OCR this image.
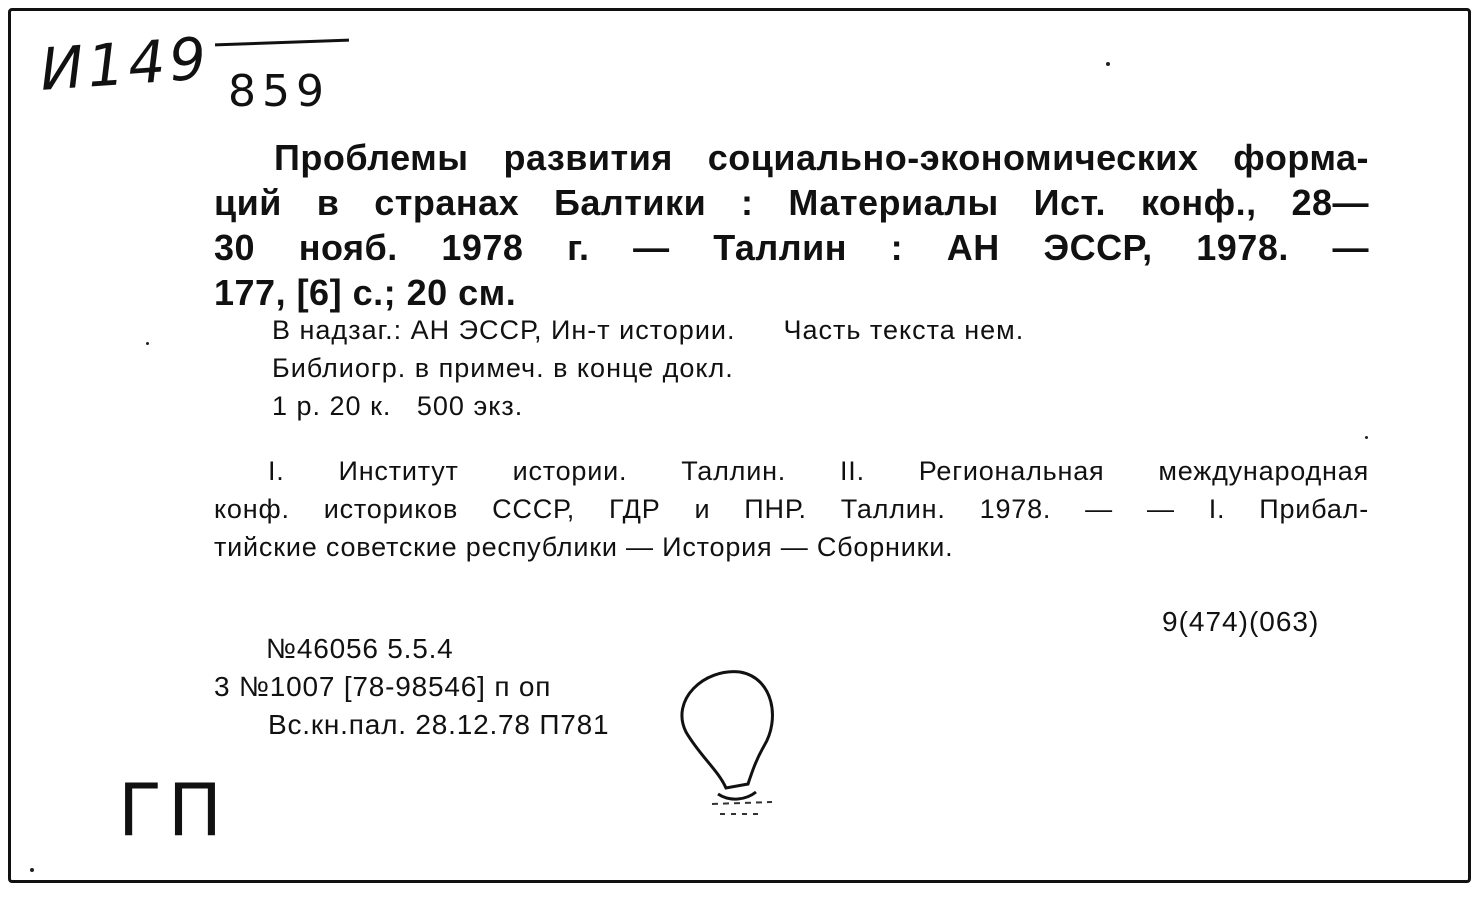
И149 859
Проблемы развития социально-экономических форма-
ций в странах Балтики : Материалы Ист. конф., 28—
30 нояб. 1978 г. — Таллин : АН ЭССР, 1978. —
177, [6] с.; 20 см.
В надзаг.: АН ЭССР, Ин-т истории. Часть текста нем.
Библиогр. в примеч. в конце докл.
1 р. 20 к.   500 экз.
I. Институт истории. Таллин. II. Региональная международная
конф. историков СССР, ГДР и ПНР. Таллин. 1978. — — I. Прибал-
тийские советские республики — История — Сборники.
9(474)(063)
№46056 5.5.4
3 №1007 [78-98546] п оп
Вс.кн.пал. 28.12.78 П781
ГП
